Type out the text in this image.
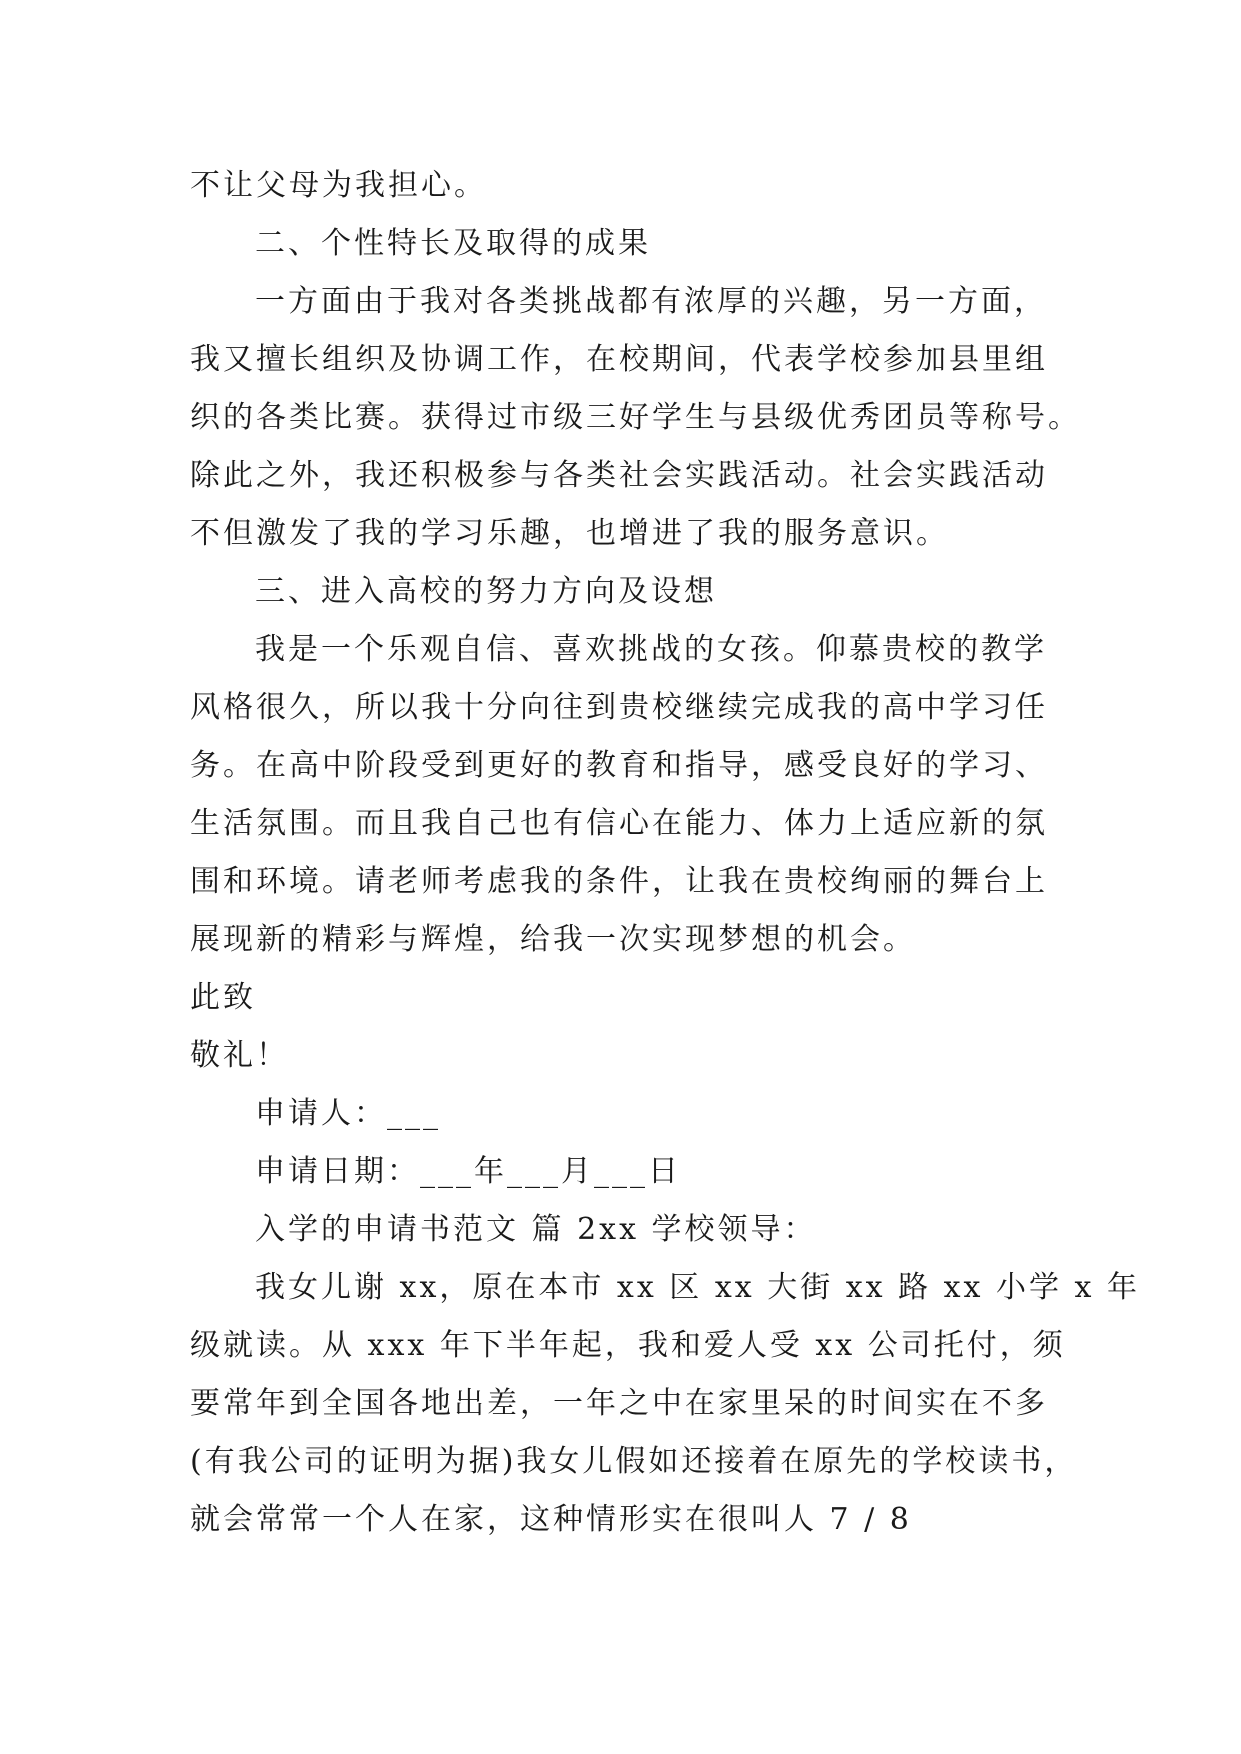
不让父母为我担心。
二、个性特长及取得的成果
一方面由于我对各类挑战都有浓厚的兴趣，另一方面，
我又擅长组织及协调工作，在校期间，代表学校参加县里组
织的各类比赛。获得过市级三好学生与县级优秀团员等称号。
除此之外，我还积极参与各类社会实践活动。社会实践活动
不但激发了我的学习乐趣，也增进了我的服务意识。
三、进入高校的努力方向及设想
我是一个乐观自信、喜欢挑战的女孩。仰慕贵校的教学
风格很久，所以我十分向往到贵校继续完成我的高中学习任
务。在高中阶段受到更好的教育和指导，感受良好的学习、
生活氛围。而且我自己也有信心在能力、体力上适应新的氛
围和环境。请老师考虑我的条件，让我在贵校绚丽的舞台上
展现新的精彩与辉煌，给我一次实现梦想的机会。
此致
敬礼！
申请人：___
申请日期：___年___月___日
入学的申请书范文 篇 2xx 学校领导：
我女儿谢 xx，原在本市 xx 区 xx 大街 xx 路 xx 小学 x 年
级就读。从 xxx 年下半年起，我和爱人受 xx 公司托付，须
要常年到全国各地出差，一年之中在家里呆的时间实在不多
(有我公司的证明为据)我女儿假如还接着在原先的学校读书，
就会常常一个人在家，这种情形实在很叫人 7 / 8
